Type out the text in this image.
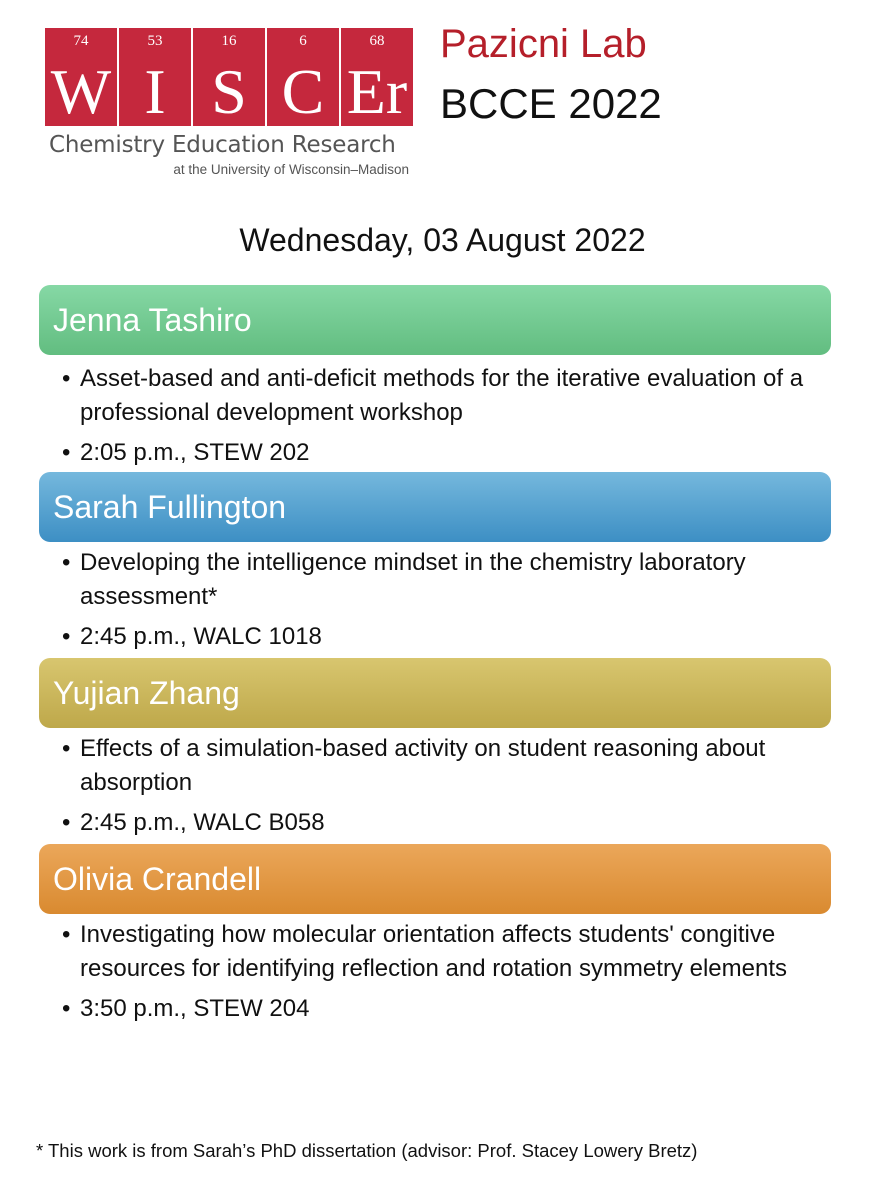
74
W
53
I
16
S
6
C
68
Er
Chemistry Education Research
at the University of Wisconsin–Madison
Pazicni Lab
BCCE 2022
Wednesday, 03 August 2022
Jenna Tashiro
• Asset-based and anti-deficit methods for the iterative evaluation of a professional development workshop
• 2:05 p.m., STEW 202
Sarah Fullington
• Developing the intelligence mindset in the chemistry laboratory assessment*
• 2:45 p.m., WALC 1018
Yujian Zhang
• Effects of a simulation-based activity on student reasoning about absorption
• 2:45 p.m., WALC B058
Olivia Crandell
• Investigating how molecular orientation affects students' congitive resources for identifying reflection and rotation symmetry elements
• 3:50 p.m., STEW 204
* This work is from Sarah’s PhD dissertation (advisor: Prof. Stacey Lowery Bretz)
